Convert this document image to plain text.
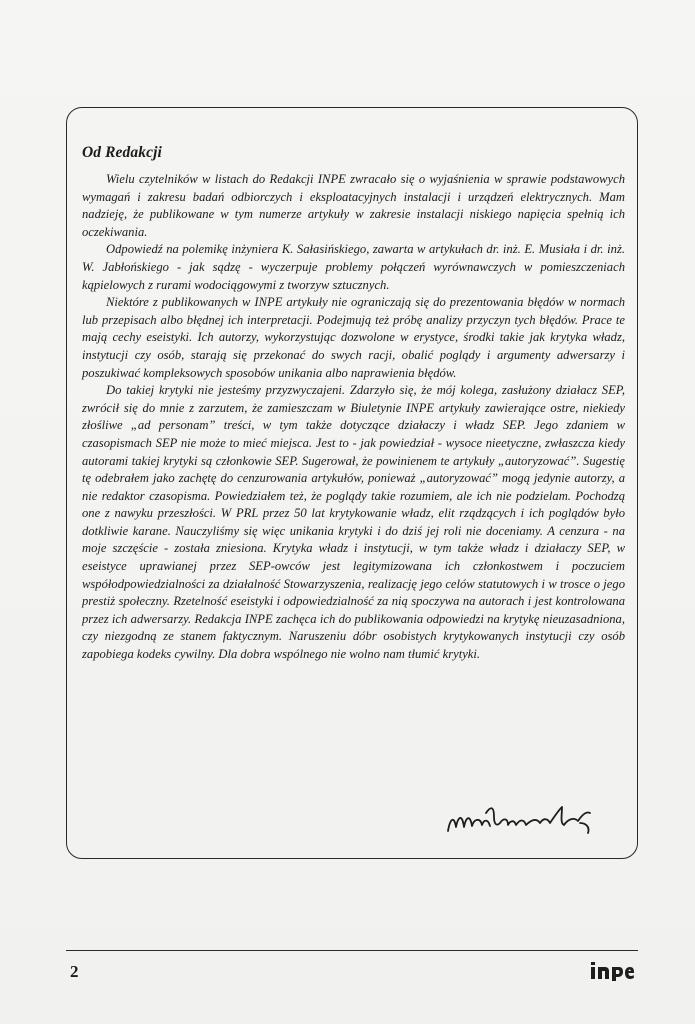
Od Redakcji

Wielu czytelników w listach do Redakcji INPE zwracało się o wyjaśnienia w sprawie podstawowych wymagań i zakresu badań odbiorczych i eksploatacyjnych instalacji i urządzeń elektrycznych. Mam nadzieję, że publikowane w tym numerze artykuły w zakresie instalacji niskiego napięcia spełnią ich oczekiwania.

Odpowiedź na polemikę inżyniera K. Sałasińskiego, zawarta w artykułach dr. inż. E. Musiała i dr. inż. W. Jabłońskiego - jak sądzę - wyczerpuje problemy połączeń wyrównawczych w pomieszczeniach kąpielowych z rurami wodociągowymi z tworzyw sztucznych.

Niektóre z publikowanych w INPE artykuły nie ograniczają się do prezentowania błędów w normach lub przepisach albo błędnej ich interpretacji. Podejmują też próbę analizy przyczyn tych błędów. Prace te mają cechy eseistyki. Ich autorzy, wykorzystując dozwolone w erystyce, środki takie jak krytyka władz, instytucji czy osób, starają się przekonać do swych racji, obalić poglądy i argumenty adwersarzy i poszukiwać kompleksowych sposobów unikania albo naprawienia błędów.

Do takiej krytyki nie jesteśmy przyzwyczajeni. Zdarzyło się, że mój kolega, zasłużony działacz SEP, zwrócił się do mnie z zarzutem, że zamieszczam w Biuletynie INPE artykuły zawierające ostre, niekiedy złośliwe „ad personam” treści, w tym także dotyczące działaczy i władz SEP. Jego zdaniem w czasopismach SEP nie może to mieć miejsca. Jest to - jak powiedział - wysoce nieetyczne, zwłaszcza kiedy autorami takiej krytyki są członkowie SEP. Sugerował, że powinienem te artykuły „autoryzować”. Sugestię tę odebrałem jako zachętę do cenzurowania artykułów, ponieważ „autoryzować” mogą jedynie autorzy, a nie redaktor czasopisma. Powiedziałem też, że poglądy takie rozumiem, ale ich nie podzielam. Pochodzą one z nawyku przeszłości. W PRL przez 50 lat krytykowanie władz, elit rządzących i ich poglądów było dotkliwie karane. Nauczyliśmy się więc unikania krytyki i do dziś jej roli nie doceniamy. A cenzura - na moje szczęście - została zniesiona. Krytyka władz i instytucji, w tym także władz i działaczy SEP, w eseistyce uprawianej przez SEP-owców jest legitymizowana ich członkostwem i poczuciem współodpowiedzialności za działalność Stowarzyszenia, realizację jego celów statutowych i w trosce o jego prestiż społeczny. Rzetelność eseistyki i odpowiedzialność za nią spoczywa na autorach i jest kontrolowana przez ich adwersarzy. Redakcja INPE zachęca ich do publikowania odpowiedzi na krytykę nieuzasadniona, czy niezgodną ze stanem faktycznym. Naruszeniu dóbr osobistych krytykowanych instytucji czy osób zapobiega kodeks cywilny. Dla dobra wspólnego nie wolno nam tłumić krytyki.

2
